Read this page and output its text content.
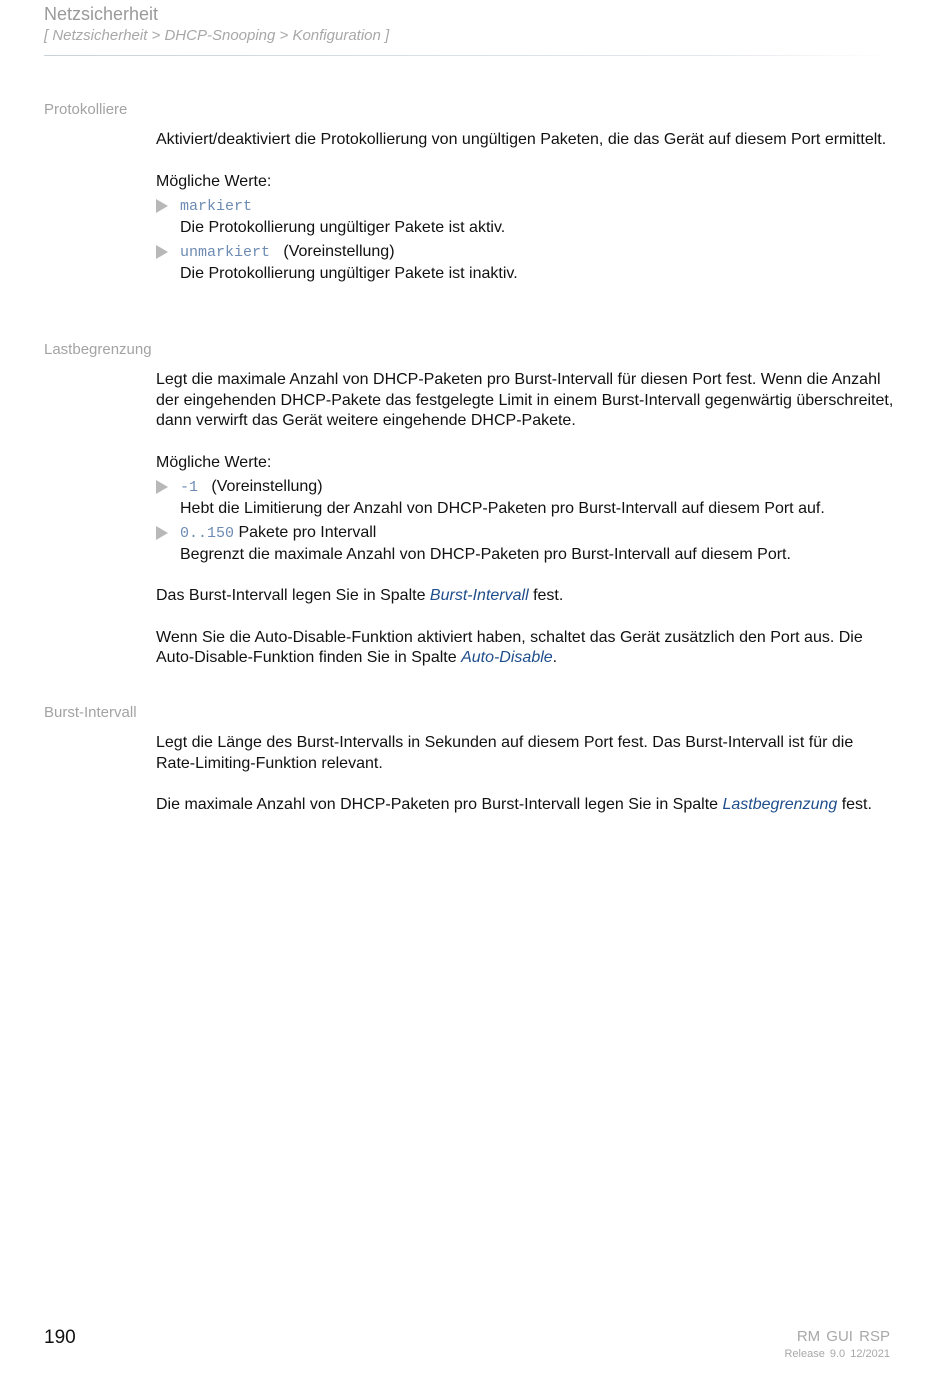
Netzsicherheit
[ Netzsicherheit > DHCP-Snooping > Konfiguration ]
Protokolliere

Aktiviert/deaktiviert die Protokollierung von ungültigen Paketen, die das Gerät auf diesem Port ermittelt.

Mögliche Werte:

markiert
Die Protokollierung ungültiger Pakete ist aktiv.
unmarkiert (Voreinstellung)
Die Protokollierung ungültiger Pakete ist inaktiv.
Lastbegrenzung

Legt die maximale Anzahl von DHCP-Paketen pro Burst-Intervall für diesen Port fest. Wenn die Anzahl der eingehenden DHCP-Pakete das festgelegte Limit in einem Burst-Intervall gegenwärtig überschreitet, dann verwirft das Gerät weitere eingehende DHCP-Pakete.

Mögliche Werte:

-1 (Voreinstellung)
Hebt die Limitierung der Anzahl von DHCP-Paketen pro Burst-Intervall auf diesem Port auf.
0..150 Pakete pro Intervall
Begrenzt die maximale Anzahl von DHCP-Paketen pro Burst-Intervall auf diesem Port.

Das Burst-Intervall legen Sie in Spalte Burst-Intervall fest.

Wenn Sie die Auto-Disable-Funktion aktiviert haben, schaltet das Gerät zusätzlich den Port aus. Die Auto-Disable-Funktion finden Sie in Spalte Auto-Disable.

Burst-Intervall

Legt die Länge des Burst-Intervalls in Sekunden auf diesem Port fest. Das Burst-Intervall ist für die Rate-Limiting-Funktion relevant.

Die maximale Anzahl von DHCP-Paketen pro Burst-Intervall legen Sie in Spalte Lastbegrenzung fest.

190	RM GUI RSP
Release 9.0 12/2021
